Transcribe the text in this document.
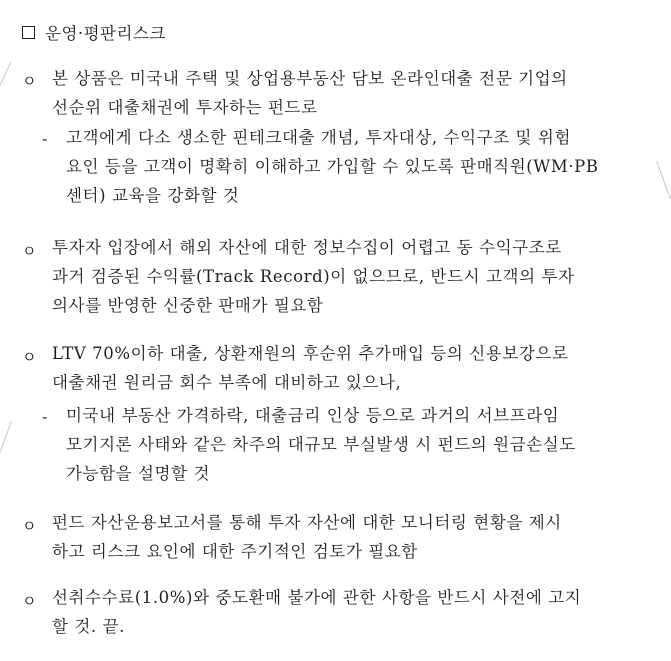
운영·평판리스크
ㅇ 본 상품은 미국내 주택 및 상업용부동산 담보 온라인대출 전문 기업의
선순위 대출채권에 투자하는 펀드로
- 고객에게 다소 생소한 핀테크대출 개념, 투자대상, 수익구조 및 위험
요인 등을 고객이 명확히 이해하고 가입할 수 있도록 판매직원(WM·PB
센터) 교육을 강화할 것
ㅇ 투자자 입장에서 해외 자산에 대한 정보수집이 어렵고 동 수익구조로
과거 검증된 수익률(Track Record)이 없으므로, 반드시 고객의 투자
의사를 반영한 신중한 판매가 필요함
ㅇ LTV 70%이하 대출, 상환재원의 후순위 추가매입 등의 신용보강으로
대출채권 원리금 회수 부족에 대비하고 있으나,
- 미국내 부동산 가격하락, 대출금리 인상 등으로 과거의 서브프라임
모기지론 사태와 같은 차주의 대규모 부실발생 시 펀드의 원금손실도
가능함을 설명할 것
ㅇ 펀드 자산운용보고서를 통해 투자 자산에 대한 모니터링 현황을 제시
하고 리스크 요인에 대한 주기적인 검토가 필요함
ㅇ 선취수수료(1.0%)와 중도환매 불가에 관한 사항을 반드시 사전에 고지
할 것. 끝.
